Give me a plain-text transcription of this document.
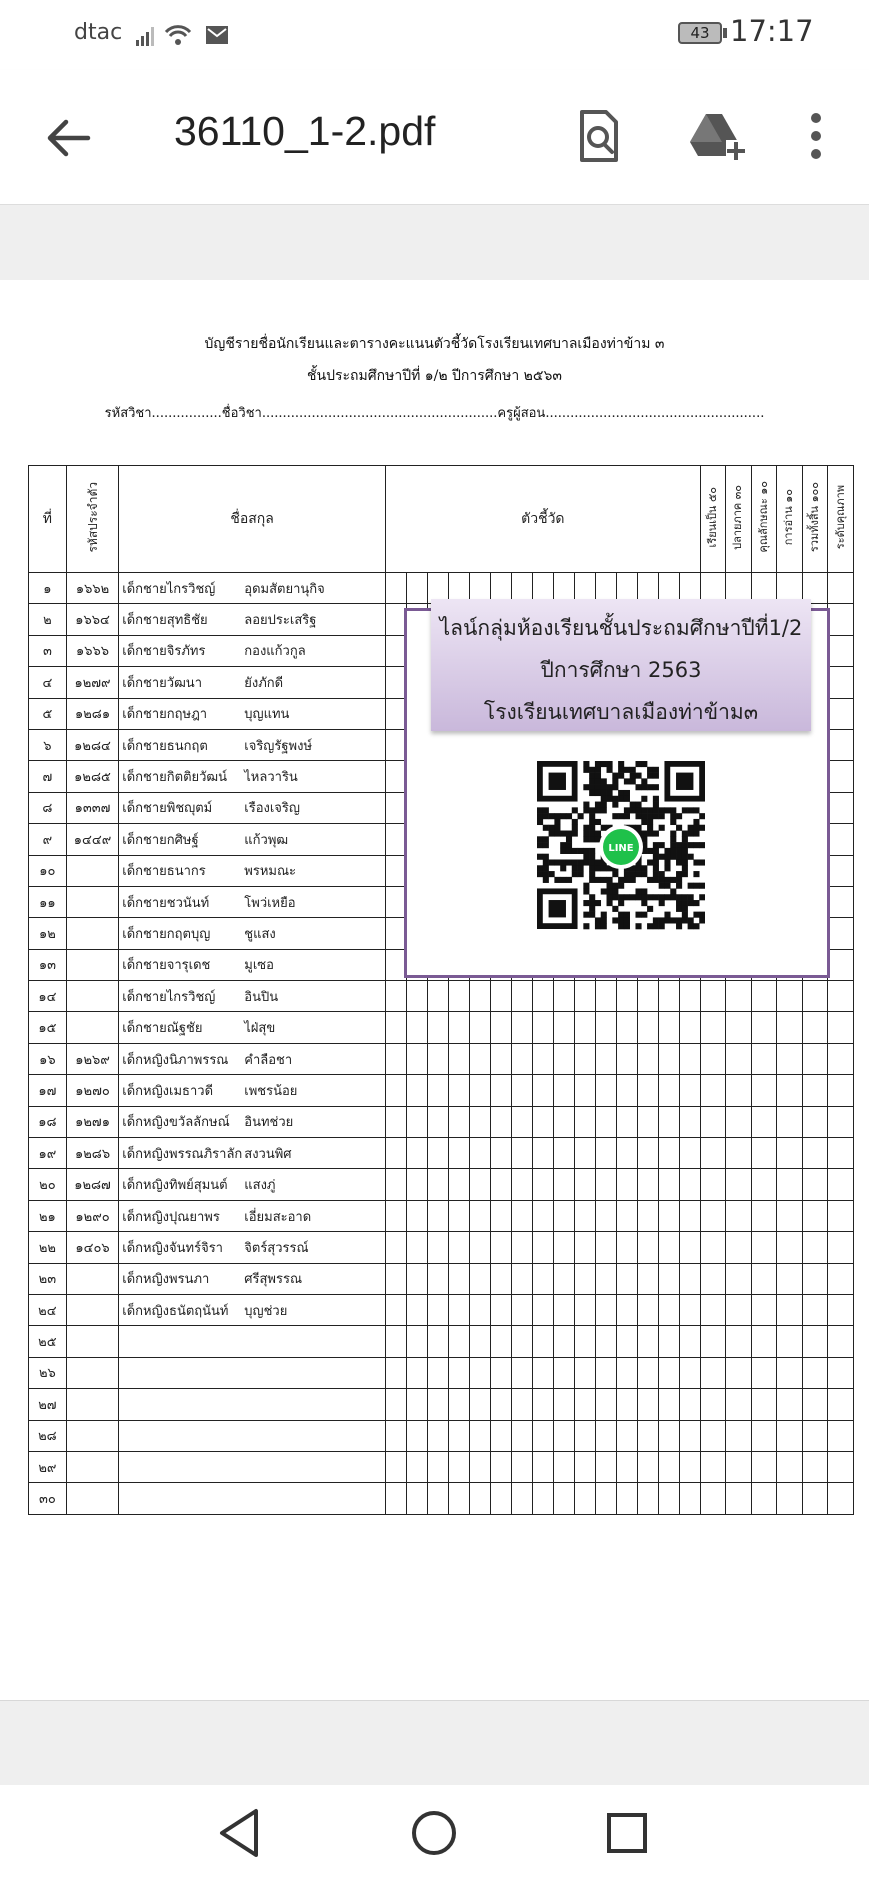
dtac	43 17:17
36110_1-2.pdf
บัญชีรายชื่อนักเรียนและตารางคะแนนตัวชี้วัดโรงเรียนเทศบาลเมืองท่าข้าม ๓
ชั้นประถมศึกษาปีที่ ๑/๒ ปีการศึกษา ๒๕๖๓
รหัสวิชา.................ชื่อวิชา.........................................................ครูผู้สอน.....................................................
ที่	รหัสประจำตัว	ชื่อสกุล	ตัวชี้วัด															เรียนเป็น ๕๐	ปลายภาค ๓๐	คุณลักษณะ ๑๐	การอ่าน ๑๐	รวมทั้งสิ้น ๑๐๐	ระดับคุณภาพ
๑	๑๖๖๒	เด็กชายไกรวิชญ์ อุดมสัตยานุกิจ																					
๒	๑๖๖๔	เด็กชายสุทธิชัย ลอยประเสริฐ																					
๓	๑๖๖๖	เด็กชายจิรภัทร กองแก้วกูล																					
๔	๑๒๗๙	เด็กชายวัฒนา ยังภักดี																					
๕	๑๒๘๑	เด็กชายกฤษฎา บุญแทน																					
๖	๑๒๘๔	เด็กชายธนกฤต เจริญรัฐพงษ์																					
๗	๑๒๘๕	เด็กชายกิตติยวัฒน์ ไหลวาริน																					
๘	๑๓๓๗	เด็กชายพิชญุตม์ เรืองเจริญ																					
๙	๑๔๔๙	เด็กชายกศิษฐ์ แก้วพุฒ																					
๑๐		เด็กชายธนากร พรหมณะ																					
๑๑		เด็กชายชวนันท์ โพว่เหยือ																					
๑๒		เด็กชายกฤตบุญ ชูแสง																					
๑๓		เด็กชายจารุเดช มูเซอ																					
๑๔		เด็กชายไกรวิชญ์ อินปิน																					
๑๕		เด็กชายณัฐชัย ไฝ่สุข																					
๑๖	๑๒๖๙	เด็กหญิงนิภาพรรณ คำลือชา																					
๑๗	๑๒๗๐	เด็กหญิงเมธาวดี เพชรน้อย																					
๑๘	๑๒๗๑	เด็กหญิงขวัลลักษณ์ อินทช่วย																					
๑๙	๑๒๘๖	เด็กหญิงพรรณภิราลัก สงวนพิศ																					
๒๐	๑๒๘๗	เด็กหญิงทิพย์สุมนต์ แสงภู่																					
๒๑	๑๒๙๐	เด็กหญิงปุณยาพร เอี่ยมสะอาด																					
๒๒	๑๔๐๖	เด็กหญิงจันทร์จิรา จิตร์สุวรรณ์																					
๒๓		เด็กหญิงพรนภา ศรีสุพรรณ																					
๒๔		เด็กหญิงธนัตฤนันท์ บุญช่วย																					
๒๕																							
๒๖																							
๒๗																							
๒๘																							
๒๙																							
๓๐																							
ไลน์กลุ่มห้องเรียนชั้นประถมศึกษาปีที่1/2
ปีการศึกษา 2563
โรงเรียนเทศบาลเมืองท่าข้าม๓
LINE
